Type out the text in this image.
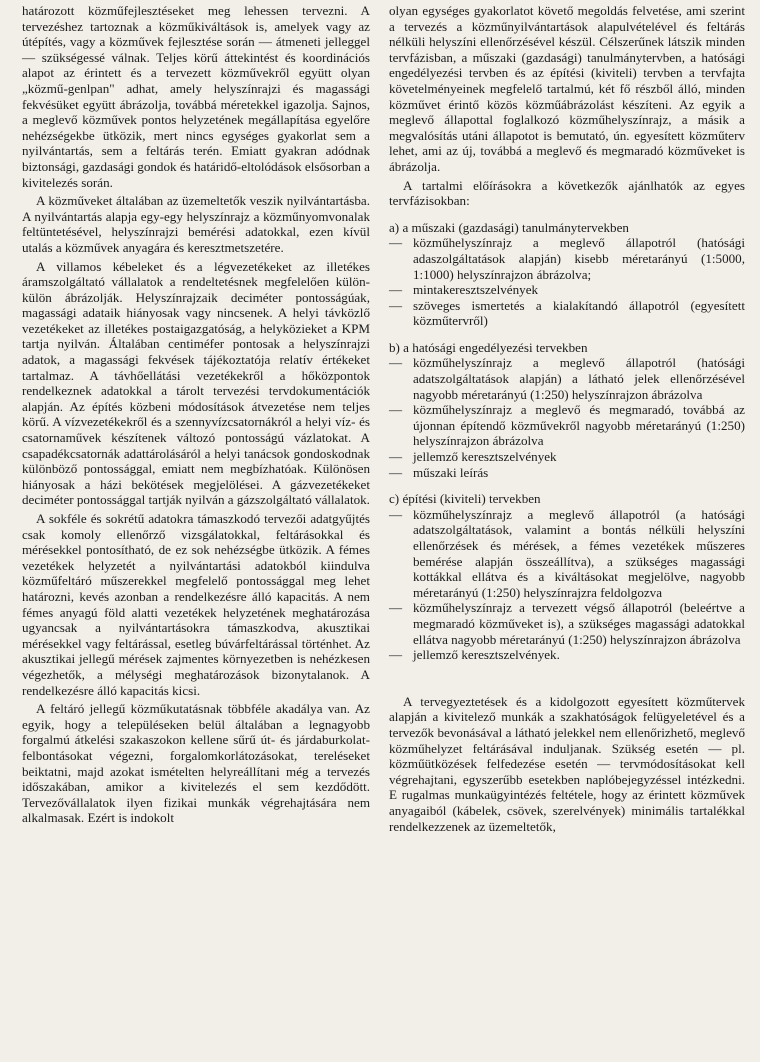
határozott közműfejlesztéseket meg lehessen tervezni. A tervezéshez tartoznak a közműkiváltások is, amelyek vagy az útépítés, vagy a közművek fejlesztése során — átmeneti jelleggel — szükségessé válnak. Teljes körű áttekintést és koordinációs alapot az érintett és a tervezett közművekről együtt olyan „közmű-genlpan" adhat, amely helyszínrajzi és magassági fekvésüket együtt ábrázolja, továbbá méretekkel igazolja. Sajnos, a meglevő közművek pontos helyzetének megállapítása egyelőre nehézségekbe ütközik, mert nincs egységes gyakorlat sem a nyilvántartás, sem a feltárás terén. Emiatt gyakran adódnak biztonsági, gazdasági gondok és határidő-eltolódások elsősorban a kivitelezés során.

A közműveket általában az üzemeltetők veszik nyilvántartásba. A nyilvántartás alapja egy-egy helyszínrajz a közműnyomvonalak feltüntetésével, helyszínrajzi bemérési adatokkal, ezen kívül utalás a közművek anyagára és keresztmetszetére.

A villamos kébeleket és a légvezetékeket az illetékes áramszolgáltató vállalatok a rendeltetésnek megfelelően külön-külön ábrázolják. Helyszínrajzaik deciméter pontosságúak, magassági adataik hiányosak vagy nincsenek. A helyi távközlő vezetékeket az illetékes postaigazgatóság, a helyközieket a KPM tartja nyilván. Általában centiméfer pontosak a helyszínrajzi adatok, a magassági fekvések tájékoztatója relatív értékeket tartalmaz. A távhőellátási vezetékekről a hőközpontok rendelkeznek adatokkal a tárolt tervezési tervdokumentációk alapján. Az építés közbeni módosítások átvezetése nem teljes körű. A vízvezetékekről és a szennyvízcsatornákról a helyi víz- és csatornaművek készítenek változó pontosságú vázlatokat. A csapadékcsatornák adattárolásáról a helyi tanácsok gondoskodnak különböző pontossággal, emiatt nem megbízhatóak. Különösen hiányosak a házi bekötések megjelölései. A gázvezetékeket deciméter pontossággal tartják nyilván a gázszolgáltató vállalatok.

A sokféle és sokrétű adatokra támaszkodó tervezői adatgyűjtés csak komoly ellenőrző vizsgálatokkal, feltárásokkal és mérésekkel pontosítható, de ez sok nehézségbe ütközik. A fémes vezetékek helyzetét a nyilvántartási adatokból kiindulva közműfeltáró műszerekkel megfelelő pontossággal meg lehet határozni, kevés azonban a rendelkezésre álló kapacitás. A nem fémes anyagú föld alatti vezetékek helyzetének meghatározása ugyancsak a nyilvántartásokra támaszkodva, akusztikai mérésekkel vagy feltárással, esetleg búvárfeltárással történhet. Az akusztikai jellegű mérések zajmentes környezetben is nehézkesen végezhetők, a mélységi meghatározások bizonytalanok. A rendelkezésre álló kapacitás kicsi.

A feltáró jellegű közműkutatásnak többféle akadálya van. Az egyik, hogy a településeken belül általában a legnagyobb forgalmú átkelési szakaszokon kellene sűrű út- és járdaburkolat-felbontásokat végezni, forgalomkorlátozásokat, tereléseket beiktatni, majd azokat ismételten helyreállítani még a tervezés időszakában, amikor a kivitelezés el sem kezdődött. Tervezővállalatok ilyen fizikai munkák végrehajtására nem alkalmasak. Ezért is indokolt

olyan egységes gyakorlatot követő megoldás felvetése, ami szerint a tervezés a közműnyilvántartások alapulvételével és feltárás nélküli helyszíni ellenőrzésével készül. Célszerűnek látszik minden tervfázisban, a műszaki (gazdasági) tanulmánytervben, a hatósági engedélyezési tervben és az építési (kiviteli) tervben a tervfajta követelményeinek megfelelő tartalmú, két fő részből álló, minden közművet érintő közös közműábrázolást készíteni. Az egyik a meglevő állapottal foglalkozó közműhelyszínrajz, a másik a megvalósítás utáni állapotot is bemutató, ún. egyesített közműterv lehet, ami az új, továbbá a meglevő és megmaradó közműveket is ábrázolja.

A tartalmi előírásokra a következők ajánlhatók az egyes tervfázisokban:

a) a műszaki (gazdasági) tanulmánytervekben

— közműhelyszínrajz a meglevő állapotról (hatósági adaszolgáltatások alapján) kisebb méretarányú (1:5000, 1:1000) helyszínrajzon ábrázolva;
— mintakeresztszelvények
— szöveges ismertetés a kialakítandó állapotról (egyesített közműtervről)

b) a hatósági engedélyezési tervekben

— közműhelyszínrajz a meglevő állapotról (hatósági adatszolgáltatások alapján) a látható jelek ellenőrzésével nagyobb méretarányú (1:250) helyszínrajzon ábrázolva
— közműhelyszínrajz a meglevő és megmaradó, továbbá az újonnan építendő közművekről nagyobb méretarányú (1:250) helyszínrajzon ábrázolva
— jellemző keresztszelvények
— műszaki leírás

c) építési (kiviteli) tervekben

— közműhelyszínrajz a meglevő állapotról (a hatósági adatszolgáltatások, valamint a bontás nélküli helyszíni ellenőrzések és mérések, a fémes vezetékek műszeres bemérése alapján összeállítva), a szükséges magassági kottákkal ellátva és a kiváltásokat megjelölve, nagyobb méretarányú (1:250) helyszínrajzra feldolgozva
— közműhelyszínrajz a tervezett végső állapotról (beleértve a megmaradó közműveket is), a szükséges magassági adatokkal ellátva nagyobb méretarányú (1:250) helyszínrajzon ábrázolva
— jellemző keresztszelvények.

A tervegyeztetések és a kidolgozott egyesített közműtervek alapján a kivitelező munkák a szakhatóságok felügyeletével és a tervezők bevonásával a látható jelekkel nem ellenőrizhető, meglevő közműhelyzet feltárásával induljanak. Szükség esetén — pl. közműütközések felfedezése esetén — tervmódosításokat kell végrehajtani, egyszerűbb esetekben naplóbejegyzéssel intézkedni. E rugalmas munkaügyintézés feltétele, hogy az érintett közművek anyagaiból (kábelek, csövek, szerelvények) minimális tartalékkal rendelkezzenek az üzemeltetők,
